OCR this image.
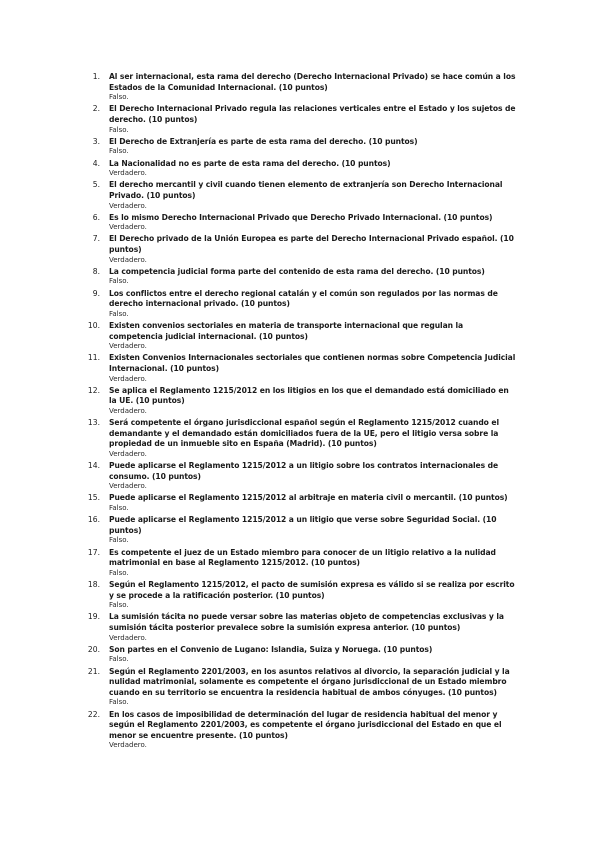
1. Al ser internacional, esta rama del derecho (Derecho Internacional Privado) se hace común a los Estados de la Comunidad Internacional. (10 puntos)
Falso.
2. El Derecho Internacional Privado regula las relaciones verticales entre el Estado y los sujetos de derecho. (10 puntos)
Falso.
3. El Derecho de Extranjería es parte de esta rama del derecho. (10 puntos)
Falso.
4. La Nacionalidad no es parte de esta rama del derecho. (10 puntos)
Verdadero.
5. El derecho mercantil y civil cuando tienen elemento de extranjería son Derecho Internacional Privado. (10 puntos)
Verdadero.
6. Es lo mismo Derecho Internacional Privado que Derecho Privado Internacional. (10 puntos)
Verdadero.
7. El Derecho privado de la Unión Europea es parte del Derecho Internacional Privado español. (10 puntos)
Verdadero.
8. La competencia judicial forma parte del contenido de esta rama del derecho. (10 puntos)
Falso.
9. Los conflictos entre el derecho regional catalán y el común son regulados por las normas de derecho internacional privado. (10 puntos)
Falso.
10. Existen convenios sectoriales en materia de transporte internacional que regulan la competencia judicial internacional. (10 puntos)
Verdadero.
11. Existen Convenios Internacionales sectoriales que contienen normas sobre Competencia Judicial Internacional. (10 puntos)
Verdadero.
12. Se aplica el Reglamento 1215/2012 en los litigios en los que el demandado está domiciliado en la UE. (10 puntos)
Verdadero.
13. Será competente el órgano jurisdiccional español según el Reglamento 1215/2012 cuando el demandante y el demandado están domiciliados fuera de la UE, pero el litigio versa sobre la propiedad de un inmueble sito en España (Madrid). (10 puntos)
Verdadero.
14. Puede aplicarse el Reglamento 1215/2012 a un litigio sobre los contratos internacionales de consumo. (10 puntos)
Verdadero.
15. Puede aplicarse el Reglamento 1215/2012 al arbitraje en materia civil o mercantil. (10 puntos)
Falso.
16. Puede aplicarse el Reglamento 1215/2012 a un litigio que verse sobre Seguridad Social. (10 puntos)
Falso.
17. Es competente el juez de un Estado miembro para conocer de un litigio relativo a la nulidad matrimonial en base al Reglamento 1215/2012. (10 puntos)
Falso.
18. Según el Reglamento 1215/2012, el pacto de sumisión expresa es válido si se realiza por escrito y se procede a la ratificación posterior. (10 puntos)
Falso.
19. La sumisión tácita no puede versar sobre las materias objeto de competencias exclusivas y la sumisión tácita posterior prevalece sobre la sumisión expresa anterior. (10 puntos)
Verdadero.
20. Son partes en el Convenio de Lugano: Islandia, Suiza y Noruega. (10 puntos)
Falso.
21. Según el Reglamento 2201/2003, en los asuntos relativos al divorcio, la separación judicial y la nulidad matrimonial, solamente es competente el órgano jurisdiccional de un Estado miembro cuando en su territorio se encuentra la residencia habitual de ambos cónyuges. (10 puntos)
Falso.
22. En los casos de imposibilidad de determinación del lugar de residencia habitual del menor y según el Reglamento 2201/2003, es competente el órgano jurisdiccional del Estado en que el menor se encuentre presente. (10 puntos)
Verdadero.
